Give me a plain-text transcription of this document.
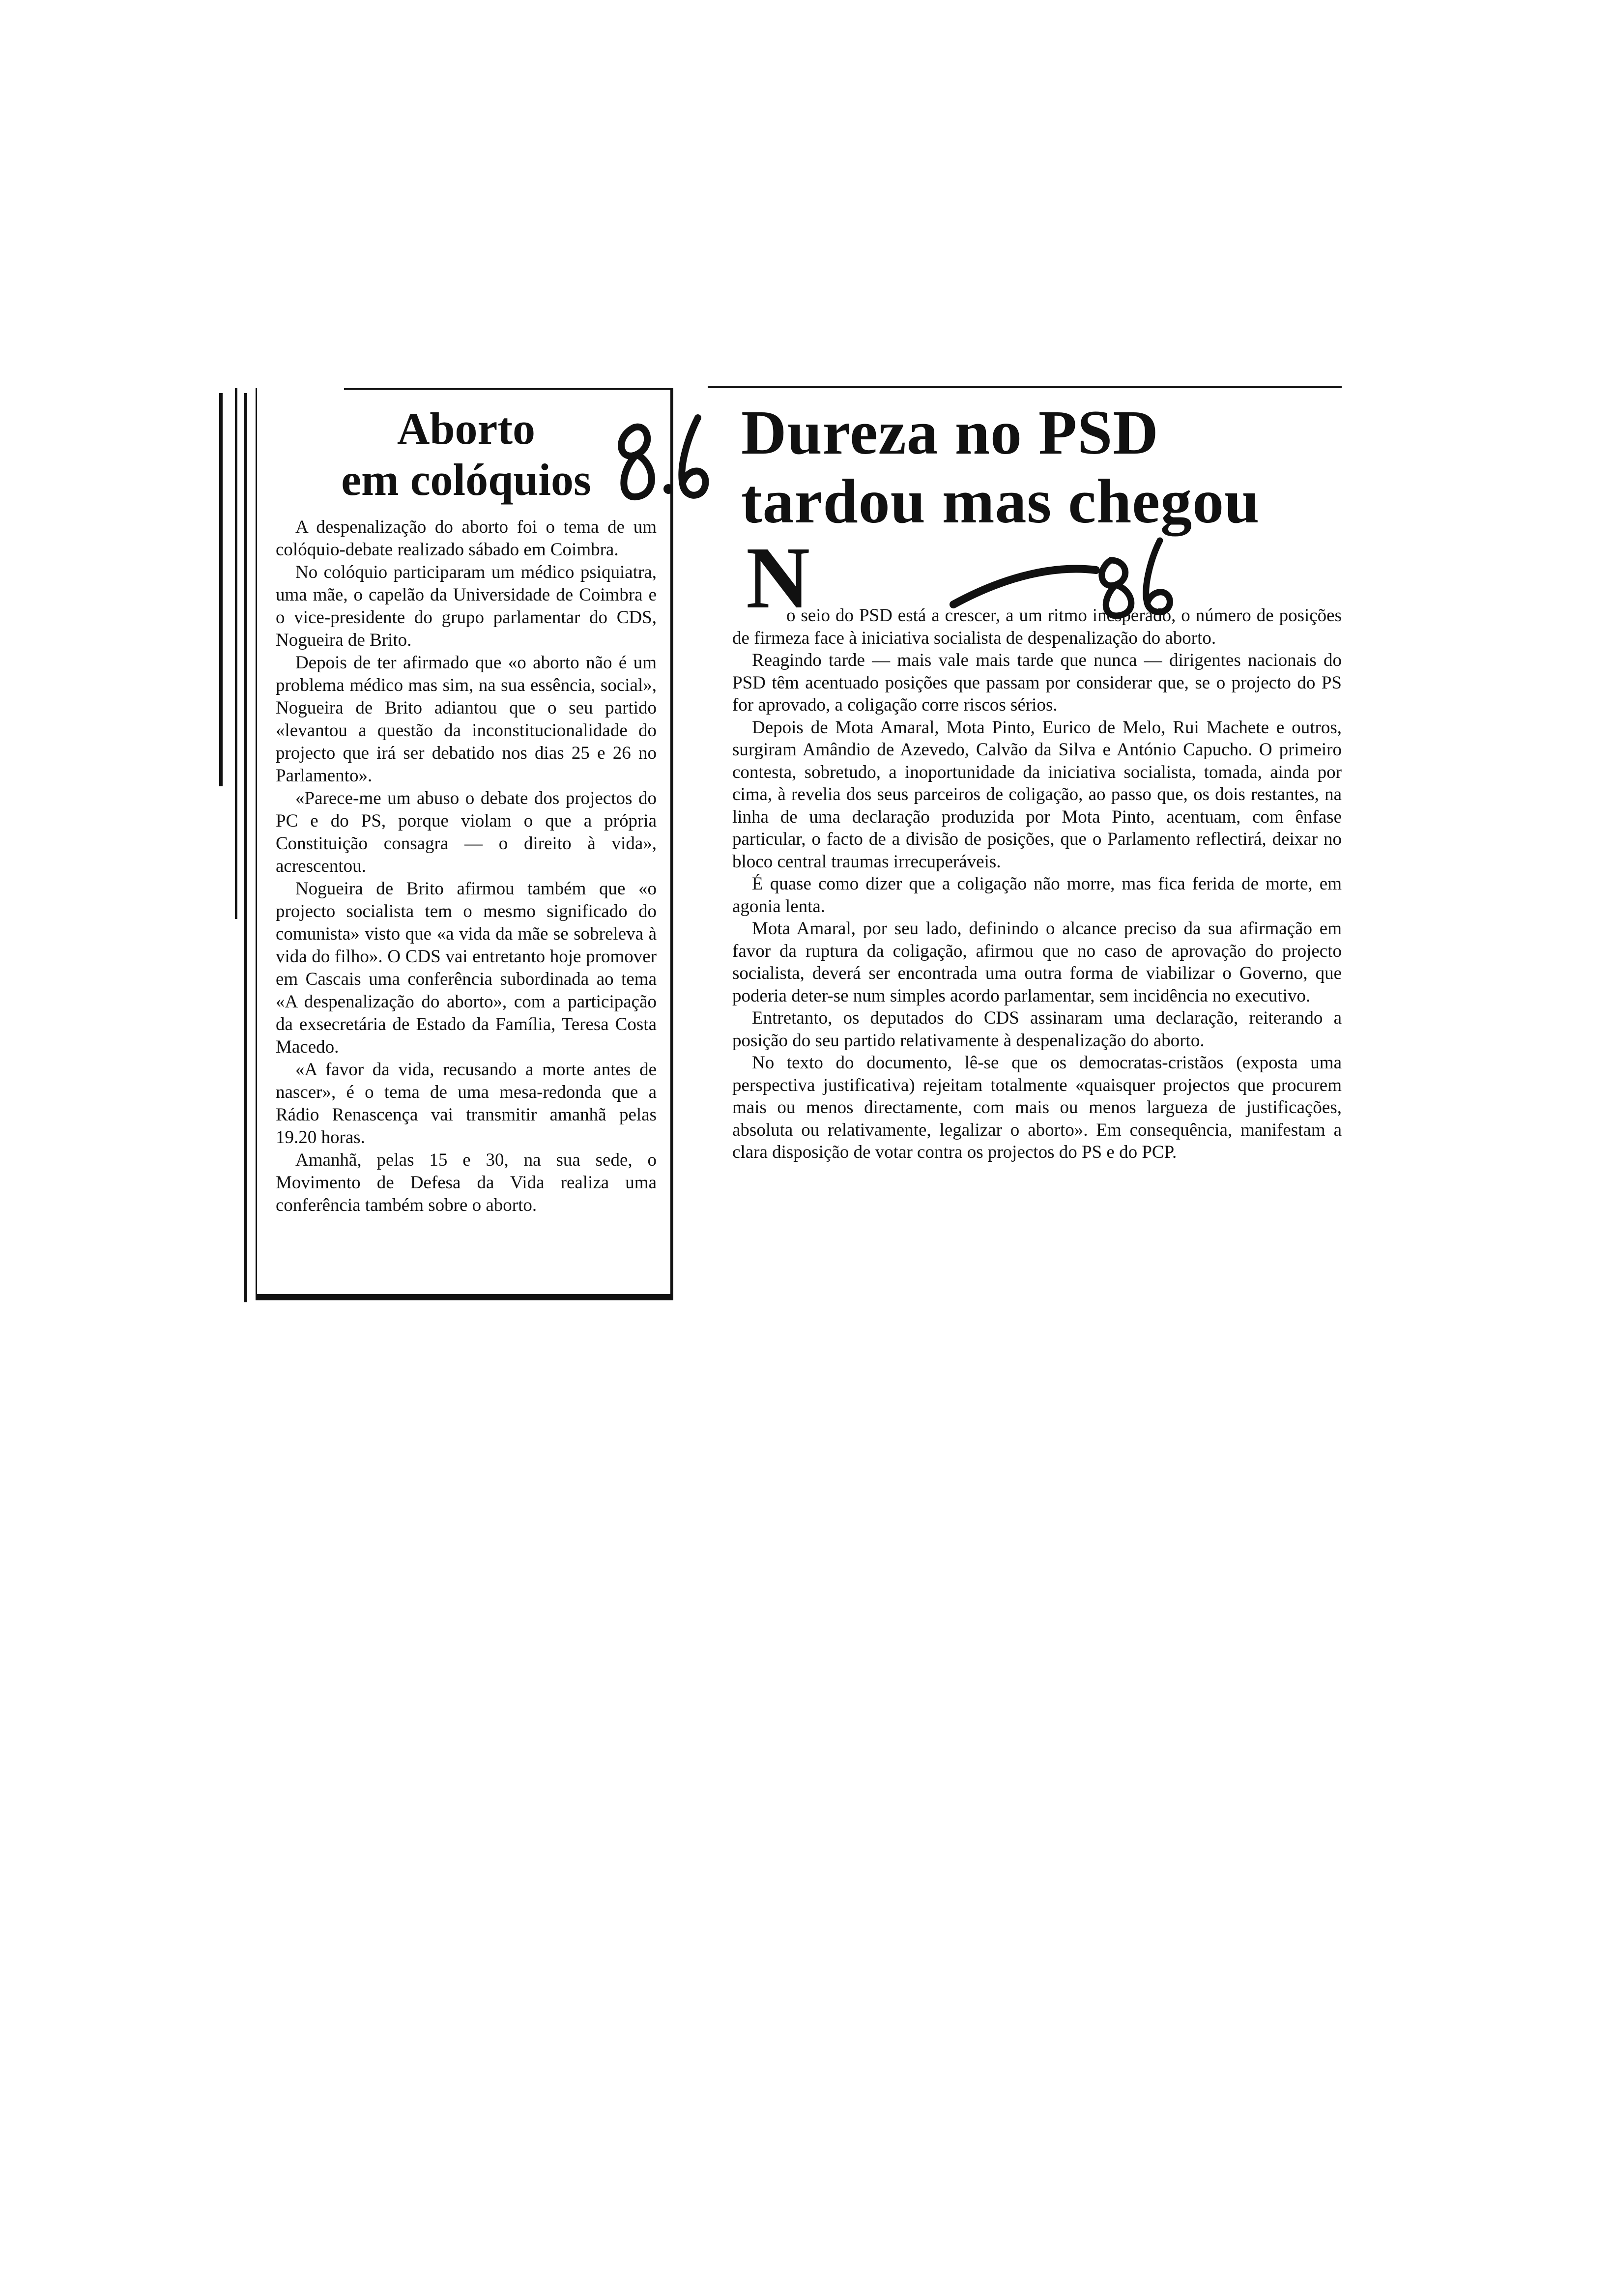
Aborto
em colóquios

A despenalização do aborto foi o tema de um colóquio-debate realizado sábado em Coimbra.

No colóquio participaram um médico psiquiatra, uma mãe, o capelão da Universidade de Coimbra e o vice-presidente do grupo parlamentar do CDS, Nogueira de Brito.

Depois de ter afirmado que «o aborto não é um problema médico mas sim, na sua essência, social», Nogueira de Brito adiantou que o seu partido «levantou a questão da inconstitucionalidade do projecto que irá ser debatido nos dias 25 e 26 no Parlamento».

«Parece-me um abuso o debate dos projectos do PC e do PS, porque violam o que a própria Constituição consagra — o direito à vida», acrescentou.

Nogueira de Brito afirmou também que «o projecto socialista tem o mesmo significado do comunista» visto que «a vida da mãe se sobreleva à vida do filho». O CDS vai entretanto hoje promover em Cascais uma conferência subordinada ao tema «A despenalização do aborto», com a participação da exsecretária de Estado da Família, Teresa Costa Macedo.

«A favor da vida, recusando a morte antes de nascer», é o tema de uma mesa-redonda que a Rádio Renascença vai transmitir amanhã pelas 19.20 horas.

Amanhã, pelas 15 e 30, na sua sede, o Movimento de Defesa da Vida realiza uma conferência também sobre o aborto.

Dureza no PSD
tardou mas chegou
N

o seio do PSD está a crescer, a um ritmo inesperado, o número de posições de firmeza face à iniciativa socialista de despenalização do aborto.

Reagindo tarde — mais vale mais tarde que nunca — dirigentes nacionais do PSD têm acentuado posições que passam por considerar que, se o projecto do PS for aprovado, a coligação corre riscos sérios.

Depois de Mota Amaral, Mota Pinto, Eurico de Melo, Rui Machete e outros, surgiram Amândio de Azevedo, Calvão da Silva e António Capucho. O primeiro contesta, sobretudo, a inoportunidade da iniciativa socialista, tomada, ainda por cima, à revelia dos seus parceiros de coligação, ao passo que, os dois restantes, na linha de uma declaração produzida por Mota Pinto, acentuam, com ênfase particular, o facto de a divisão de posições, que o Parlamento reflectirá, deixar no bloco central traumas irrecuperáveis.

É quase como dizer que a coligação não morre, mas fica ferida de morte, em agonia lenta.

Mota Amaral, por seu lado, definindo o alcance preciso da sua afirmação em favor da ruptura da coligação, afirmou que no caso de aprovação do projecto socialista, deverá ser encontrada uma outra forma de viabilizar o Governo, que poderia deter-se num simples acordo parlamentar, sem incidência no executivo.

Entretanto, os deputados do CDS assinaram uma declaração, reiterando a posição do seu partido relativamente à despenalização do aborto.

No texto do documento, lê-se que os democratas-cristãos (exposta uma perspectiva justificativa) rejeitam totalmente «quaisquer projectos que procurem mais ou menos directamente, com mais ou menos largueza de justificações, absoluta ou relativamente, legalizar o aborto». Em consequência, manifestam a clara disposição de votar contra os projectos do PS e do PCP.
